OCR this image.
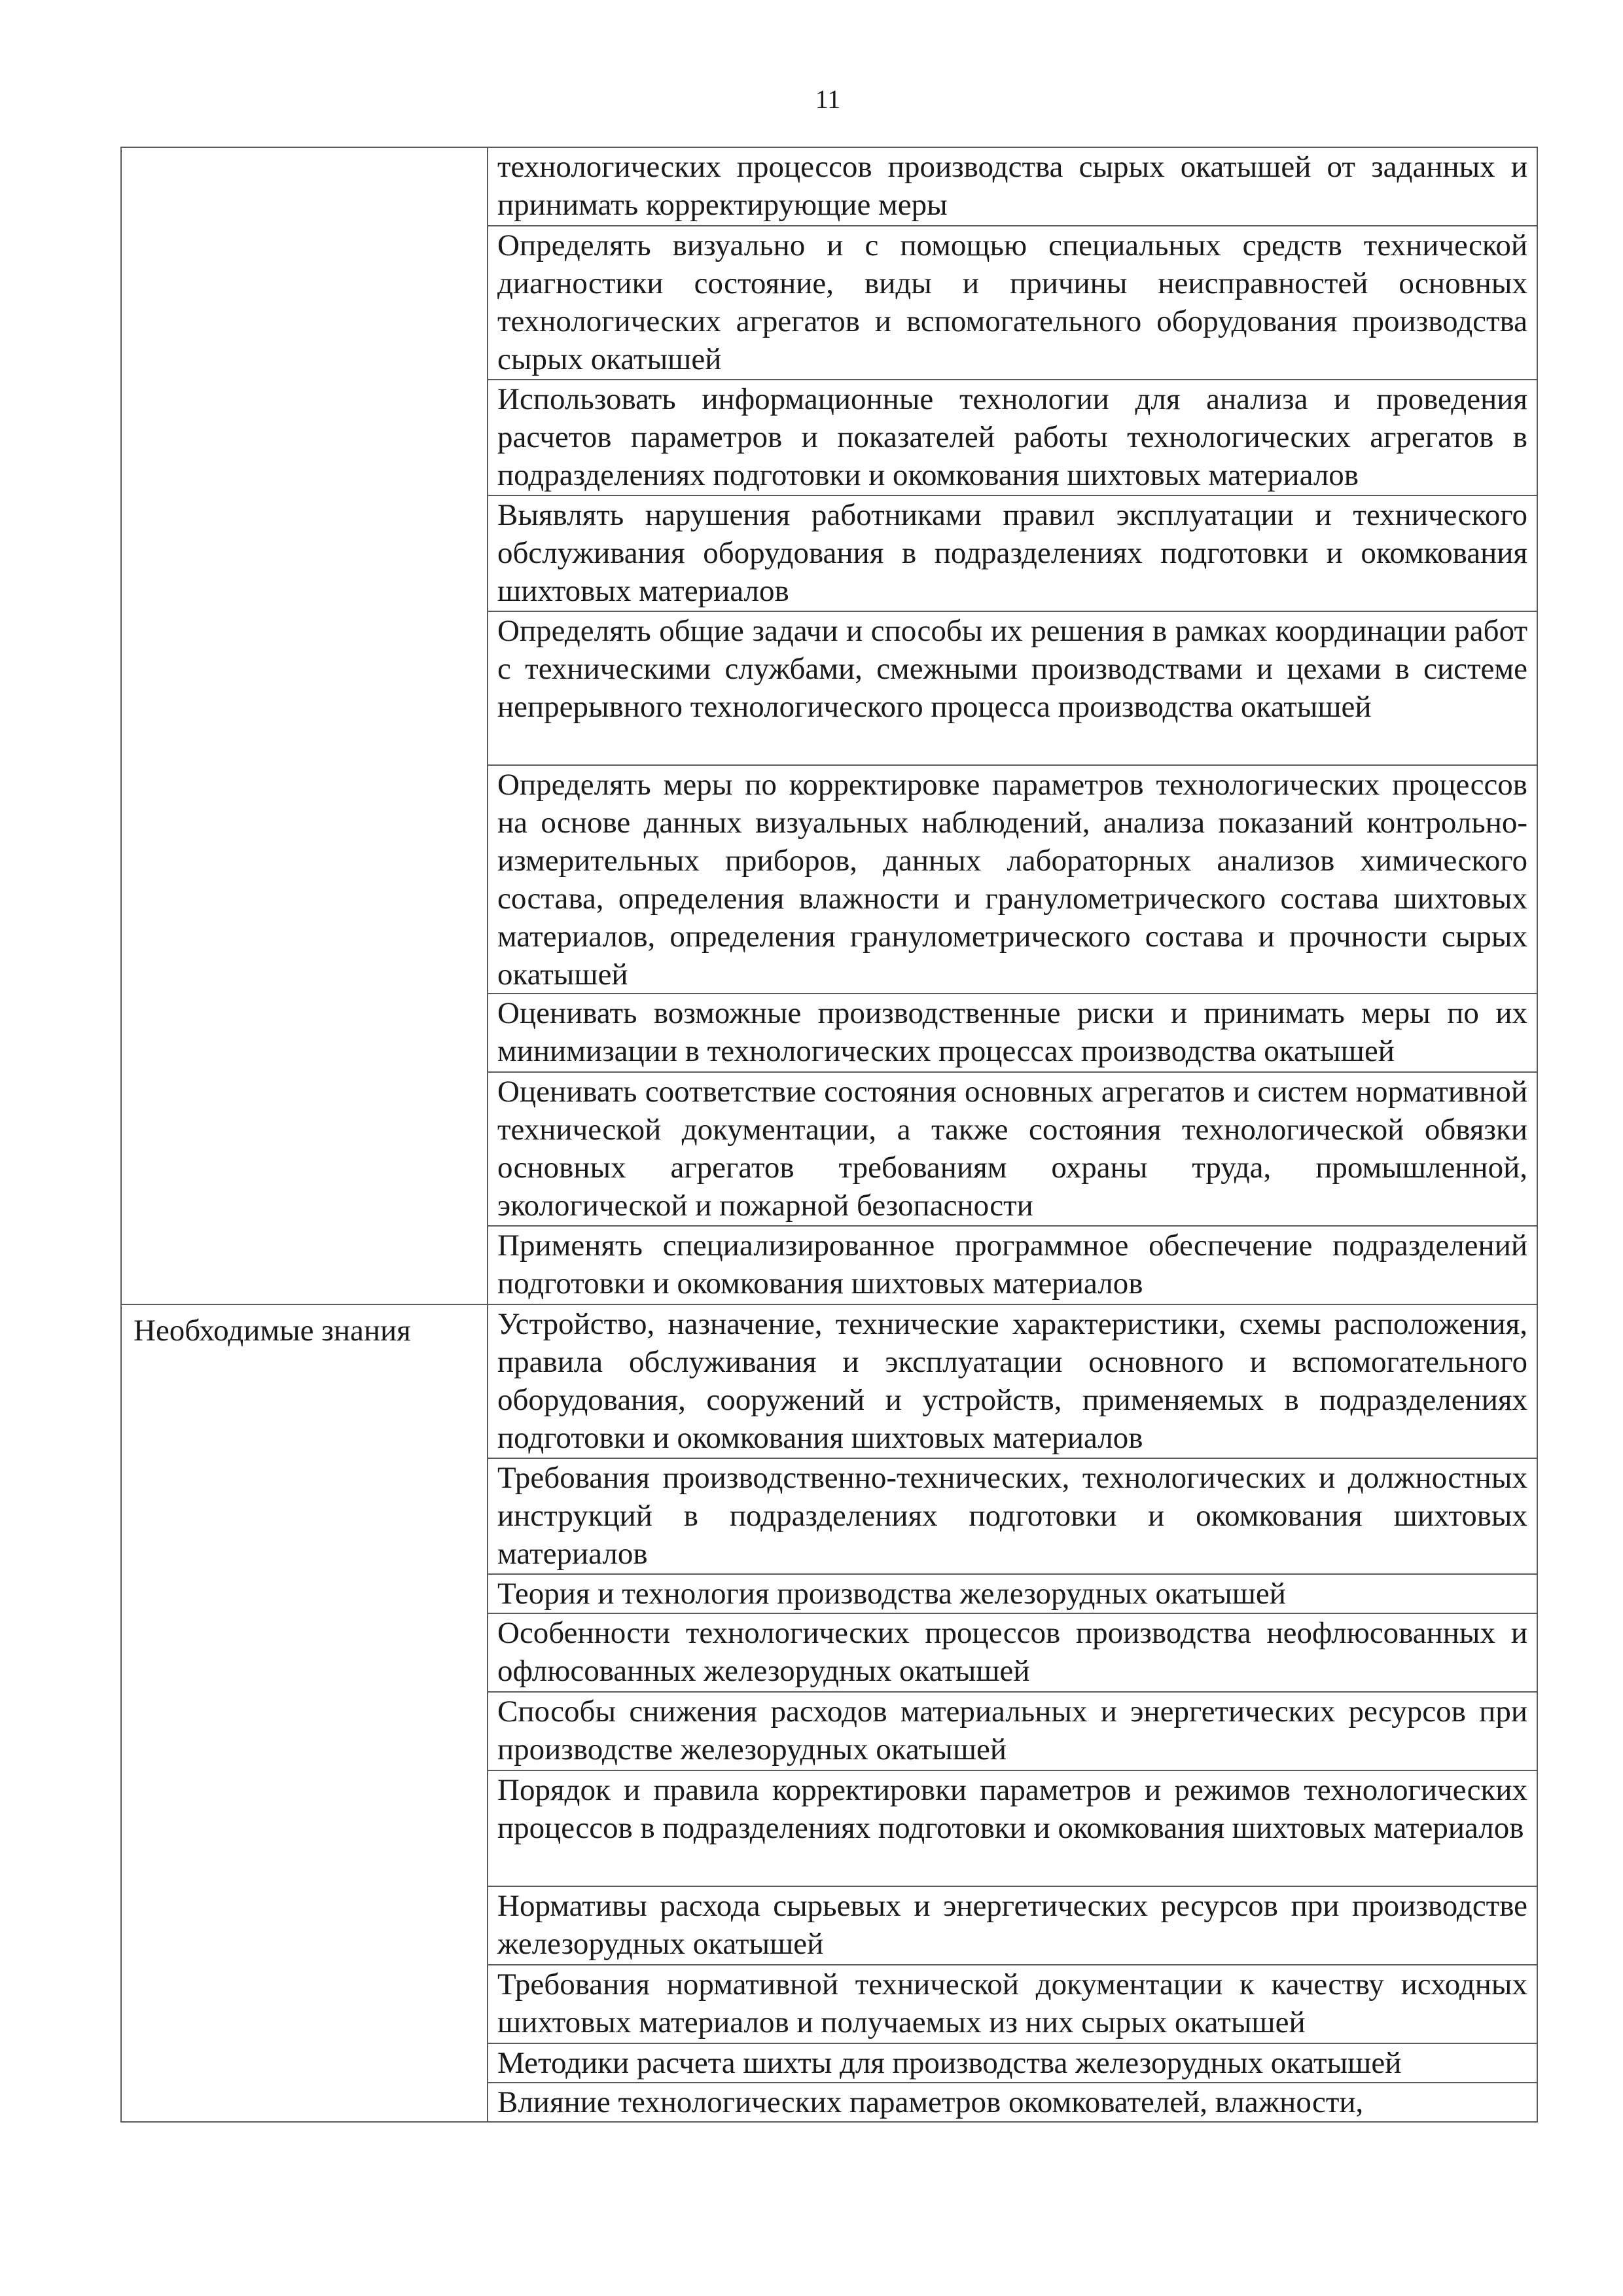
11

	технологических процессов производства сырых окатышей от заданных и принимать корректирующие меры

	Определять визуально и с помощью специальных средств технической диагностики состояние, виды и причины неисправностей основных технологических агрегатов и вспомогательного оборудования производства сырых окатышей

	Использовать информационные технологии для анализа и проведения расчетов параметров и показателей работы технологических агрегатов в подразделениях подготовки и окомкования шихтовых материалов

	Выявлять нарушения работниками правил эксплуатации и технического обслуживания оборудования в подразделениях подготовки и окомкования шихтовых материалов

	Определять общие задачи и способы их решения в рамках координации работ с техническими службами, смежными производствами и цехами в системе непрерывного технологического процесса производства окатышей

	Определять меры по корректировке параметров технологических процессов на основе данных визуальных наблюдений, анализа показаний контрольно-измерительных приборов, данных лабораторных анализов химического состава, определения влажности и гранулометрического состава шихтовых материалов, определения гранулометрического состава и прочности сырых окатышей

	Оценивать возможные производственные риски и принимать меры по их минимизации в технологических процессах производства окатышей

	Оценивать соответствие состояния основных агрегатов и систем нормативной технической документации, а также состояния технологической обвязки основных агрегатов требованиям охраны труда, промышленной, экологической и пожарной безопасности

	Применять специализированное программное обеспечение подразделений подготовки и окомкования шихтовых материалов

Необходимые знания	Устройство, назначение, технические характеристики, схемы расположения, правила обслуживания и эксплуатации основного и вспомогательного оборудования, сооружений и устройств, применяемых в подразделениях подготовки и окомкования шихтовых материалов

	Требования производственно-технических, технологических и должностных инструкций в подразделениях подготовки и окомкования шихтовых материалов

	Теория и технология производства железорудных окатышей

	Особенности технологических процессов производства неофлюсованных и офлюсованных железорудных окатышей

	Способы снижения расходов материальных и энергетических ресурсов при производстве железорудных окатышей

	Порядок и правила корректировки параметров и режимов технологических процессов в подразделениях подготовки и окомкования шихтовых материалов

	Нормативы расхода сырьевых и энергетических ресурсов при производстве железорудных окатышей

	Требования нормативной технической документации к качеству исходных шихтовых материалов и получаемых из них сырых окатышей

	Методики расчета шихты для производства железорудных окатышей

	Влияние технологических параметров окомкователей, влажности,
